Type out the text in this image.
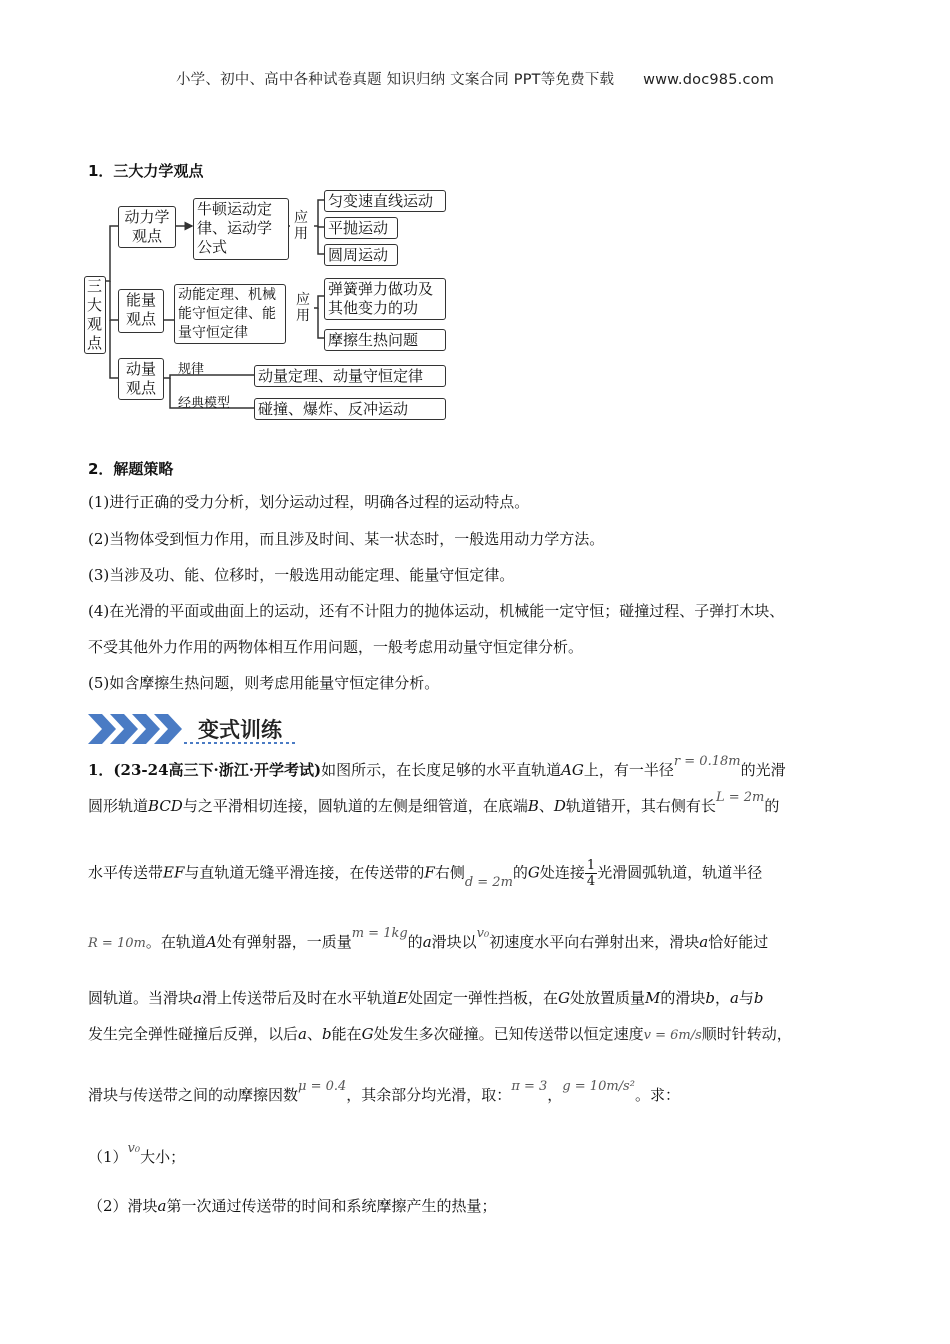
小学、初中、高中各种试卷真题 知识归纳 文案合同 PPT等免费下载 www.doc985.com
1．三大力学观点
三大观点
动力学观点
牛顿运动定律、运动学公式
应用
匀变速直线运动
平抛运动
圆周运动
能量观点
动能定理、机械能守恒定律、能量守恒定律
应用
弹簧弹力做功及其他变力的功
摩擦生热问题
动量观点
规律	动量定理、动量守恒定律
经典模型 碰撞、爆炸、反冲运动
2．解题策略
(1)进行正确的受力分析，划分运动过程，明确各过程的运动特点。
(2)当物体受到恒力作用，而且涉及时间、某一状态时，一般选用动力学方法。
(3)当涉及功、能、位移时，一般选用动能定理、能量守恒定律。
(4)在光滑的平面或曲面上的运动，还有不计阻力的抛体运动，机械能一定守恒；碰撞过程、子弹打木块、
不受其他外力作用的两物体相互作用问题，一般考虑用动量守恒定律分析。
(5)如含摩擦生热问题，则考虑用能量守恒定律分析。
变式训练
1．(23-24高三下·浙江·开学考试)如图所示，在长度足够的水平直轨道AG上，有一半径r = 0.18m的光滑
圆形轨道BCD与之平滑相切连接，圆轨道的左侧是细管道，在底端B、D轨道错开，其右侧有长L = 2m的
水平传送带EF与直轨道无缝平滑连接，在传送带的F右侧d = 2m的G处连接 $\frac{1}{4}$ 光滑圆弧轨道，轨道半径
R = 10m。在轨道A处有弹射器，一质量m = 1kg的a滑块以v₀初速度水平向右弹射出来，滑块a恰好能过
圆轨道。当滑块a滑上传送带后及时在水平轨道E处固定一弹性挡板，在G处放置质量M的滑块b，a与b
发生完全弹性碰撞后反弹，以后a、b能在G处发生多次碰撞。已知传送带以恒定速度v = 6m/s顺时针转动，
滑块与传送带之间的动摩擦因数μ = 0.4，其余部分均光滑，取：π = 3，g = 10m/s²。求：
（1）v₀大小；
（2）滑块a第一次通过传送带的时间和系统摩擦产生的热量；
